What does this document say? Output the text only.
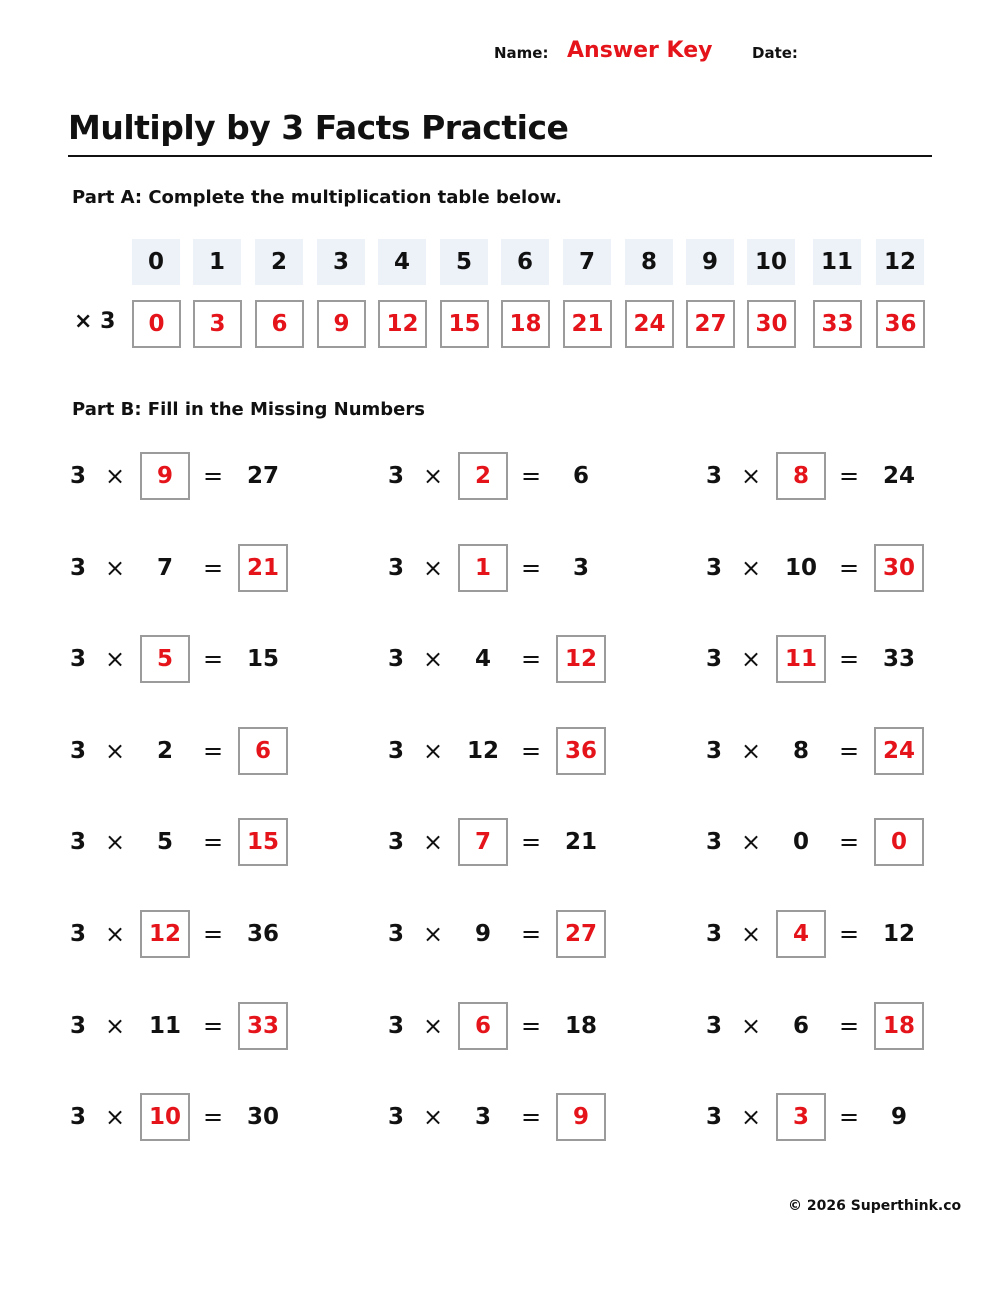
Name: Answer Key	Date:
Multiply by 3 Facts Practice
Part A: Complete the multiplication table below.
× 3
0	1	2	3	4	5	6	7	8	9	10	11	12
0	3	6	9	12	15	18	21	24	27	30	33	36
Part B: Fill in the Missing Numbers
3 ×	9	=	27
3 ×	7	=	21
3 ×	5	=	15
3 ×	2	=	6
3 ×	5	=	15
3 ×	12 =	36
3 ×	11 =	33
3 ×	10 =	30
3 ×	2	=	6
3 ×	1	=	3
3 ×	4	=	12
3 ×	12 =	36
3 ×	7	=	21
3 ×	9	=	27
3 ×	6	=	18
3 ×	3	=	9
3 ×	8	=	24
3 ×	10 =	30
3 ×	11 =	33
3 ×	8	=	24
3 ×	0	=	0
3 ×	4	=	12
3 ×	6	=	18
3 ×	3	=	9
© 2026 Superthink.co
